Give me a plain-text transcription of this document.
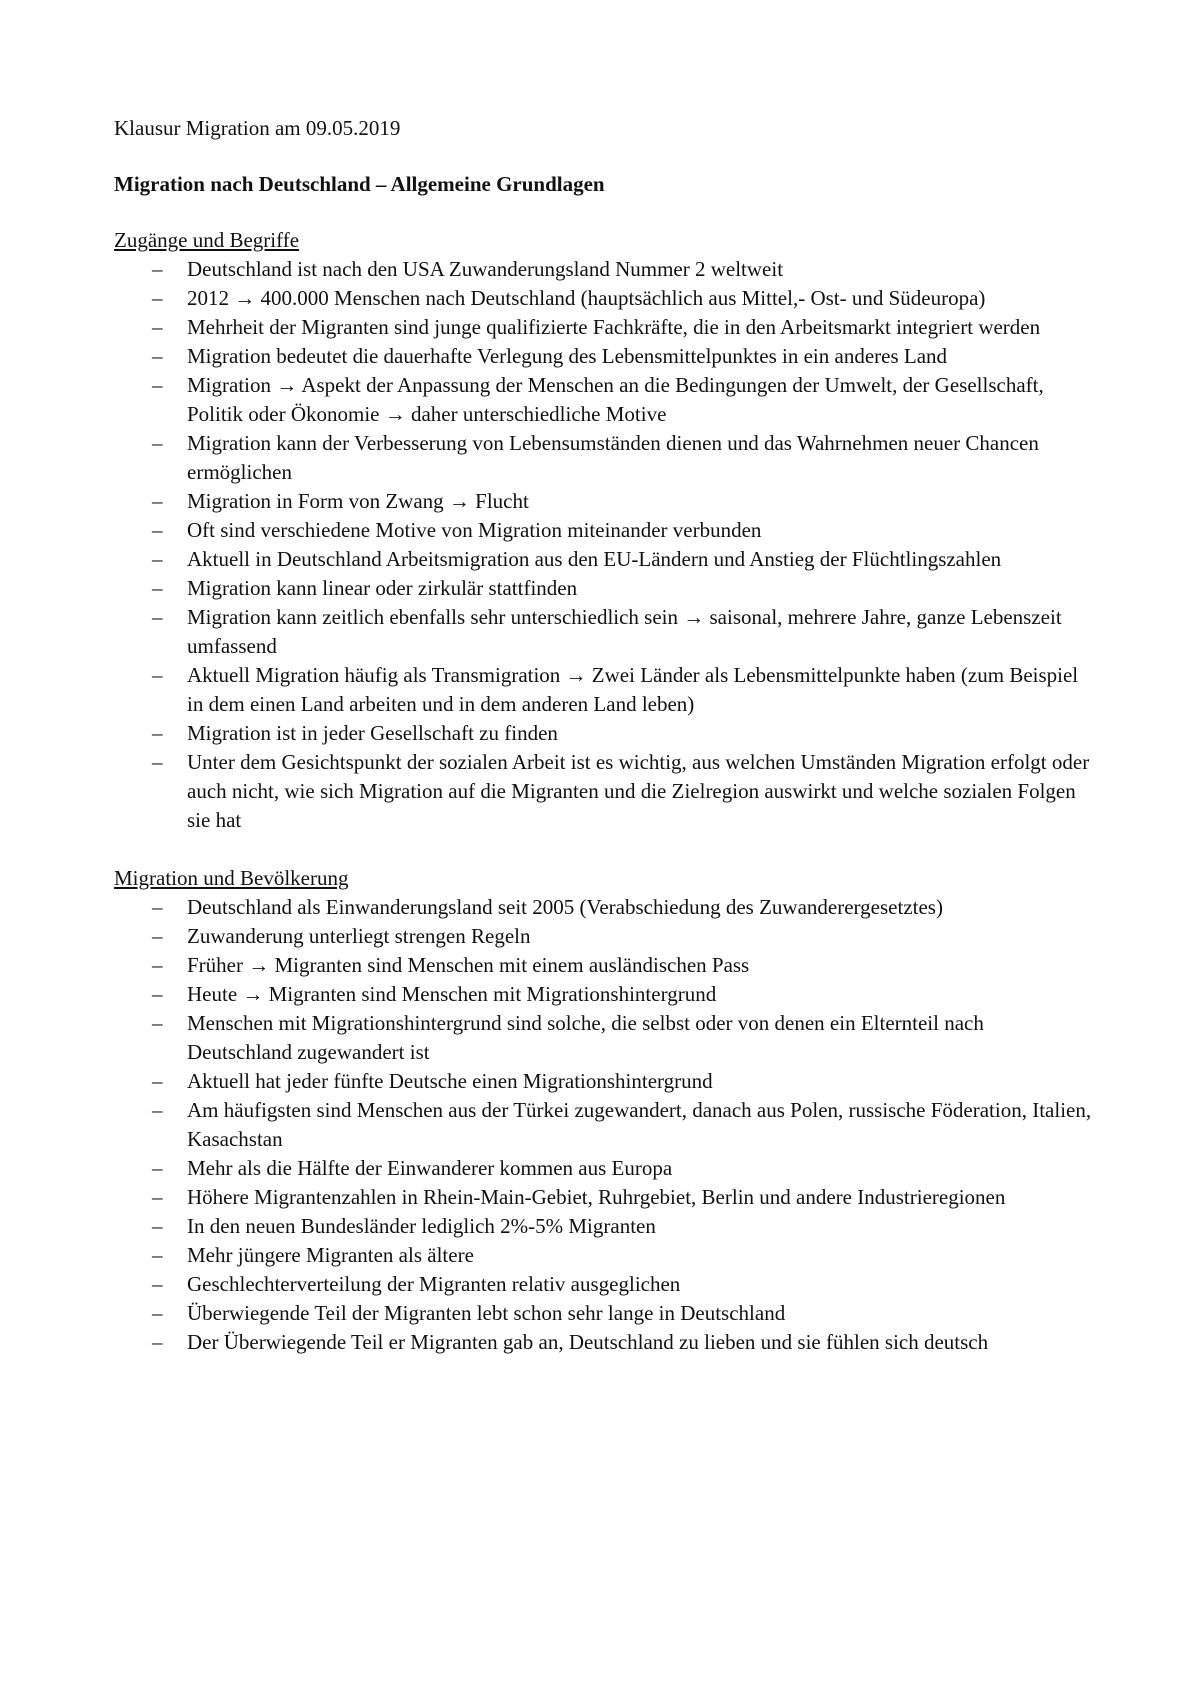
Klausur Migration am 09.05.2019

Migration nach Deutschland – Allgemeine Grundlagen
Zugänge und Begriffe
– Deutschland ist nach den USA Zuwanderungsland Nummer 2 weltweit
– 2012 → 400.000 Menschen nach Deutschland (hauptsächlich aus Mittel,- Ost- und Südeuropa)
– Mehrheit der Migranten sind junge qualifizierte Fachkräfte, die in den Arbeitsmarkt integriert werden
– Migration bedeutet die dauerhafte Verlegung des Lebensmittelpunktes in ein anderes Land
– Migration → Aspekt der Anpassung der Menschen an die Bedingungen der Umwelt, der Gesellschaft, Politik oder Ökonomie → daher unterschiedliche Motive
– Migration kann der Verbesserung von Lebensumständen dienen und das Wahrnehmen neuer Chancen ermöglichen
– Migration in Form von Zwang → Flucht
– Oft sind verschiedene Motive von Migration miteinander verbunden
– Aktuell in Deutschland Arbeitsmigration aus den EU-Ländern und Anstieg der Flüchtlingszahlen
– Migration kann linear oder zirkulär stattfinden
– Migration kann zeitlich ebenfalls sehr unterschiedlich sein → saisonal, mehrere Jahre, ganze Lebenszeit umfassend
– Aktuell Migration häufig als Transmigration → Zwei Länder als Lebensmittelpunkte haben (zum Beispiel in dem einen Land arbeiten und in dem anderen Land leben)
– Migration ist in jeder Gesellschaft zu finden
– Unter dem Gesichtspunkt der sozialen Arbeit ist es wichtig, aus welchen Umständen Migration erfolgt oder auch nicht, wie sich Migration auf die Migranten und die Zielregion auswirkt und welche sozialen Folgen sie hat
Migration und Bevölkerung
– Deutschland als Einwanderungsland seit 2005 (Verabschiedung des Zuwanderergesetztes)
– Zuwanderung unterliegt strengen Regeln
– Früher → Migranten sind Menschen mit einem ausländischen Pass
– Heute → Migranten sind Menschen mit Migrationshintergrund
– Menschen mit Migrationshintergrund sind solche, die selbst oder von denen ein Elternteil nach Deutschland zugewandert ist
– Aktuell hat jeder fünfte Deutsche einen Migrationshintergrund
– Am häufigsten sind Menschen aus der Türkei zugewandert, danach aus Polen, russische Föderation, Italien, Kasachstan
– Mehr als die Hälfte der Einwanderer kommen aus Europa
– Höhere Migrantenzahlen in Rhein-Main-Gebiet, Ruhrgebiet, Berlin und andere Industrieregionen
– In den neuen Bundesländer lediglich 2%-5% Migranten
– Mehr jüngere Migranten als ältere
– Geschlechterverteilung der Migranten relativ ausgeglichen
– Überwiegende Teil der Migranten lebt schon sehr lange in Deutschland
– Der Überwiegende Teil er Migranten gab an, Deutschland zu lieben und sie fühlen sich deutsch
